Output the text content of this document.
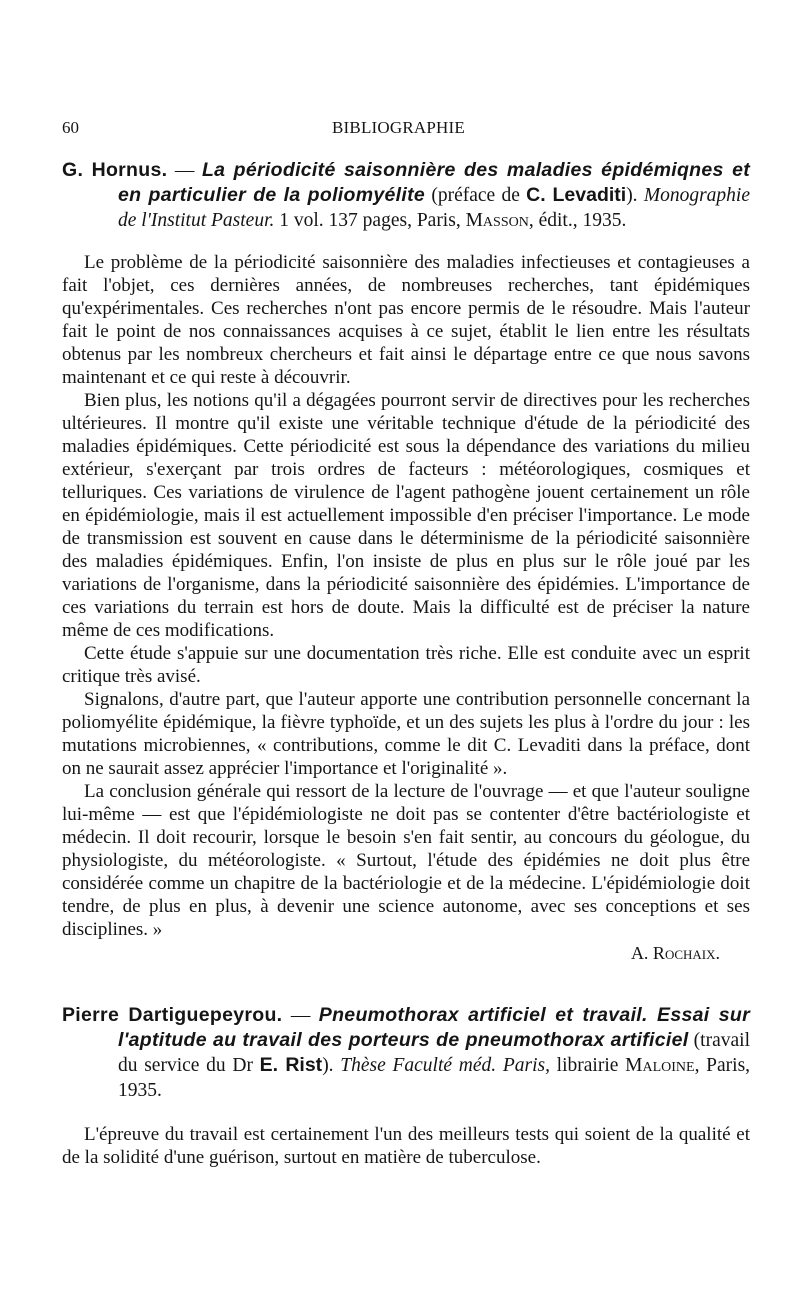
60	BIBLIOGRAPHIE
G. Hornus. — La périodicité saisonnière des maladies épidémiqnes et en particulier de la poliomyélite (préface de C. Levaditi). Monographie de l'Institut Pasteur. 1 vol. 137 pages, Paris, Masson, édit., 1935.

Le problème de la périodicité saisonnière des maladies infectieuses et contagieuses a fait l'objet, ces dernières années, de nombreuses recherches, tant épidémiques qu'expérimentales. Ces recherches n'ont pas encore permis de le résoudre. Mais l'auteur fait le point de nos connaissances acquises à ce sujet, établit le lien entre les résultats obtenus par les nombreux chercheurs et fait ainsi le départage entre ce que nous savons maintenant et ce qui reste à découvrir.

Bien plus, les notions qu'il a dégagées pourront servir de directives pour les recherches ultérieures. Il montre qu'il existe une véritable technique d'étude de la périodicité des maladies épidémiques. Cette périodicité est sous la dépendance des variations du milieu extérieur, s'exerçant par trois ordres de facteurs : météorologiques, cosmiques et telluriques. Ces variations de virulence de l'agent pathogène jouent certainement un rôle en épidémiologie, mais il est actuellement impossible d'en préciser l'importance. Le mode de transmission est souvent en cause dans le déterminisme de la périodicité saisonnière des maladies épidémiques. Enfin, l'on insiste de plus en plus sur le rôle joué par les variations de l'organisme, dans la périodicité saisonnière des épidémies. L'importance de ces variations du terrain est hors de doute. Mais la difficulté est de préciser la nature même de ces modifications.

Cette étude s'appuie sur une documentation très riche. Elle est conduite avec un esprit critique très avisé.

Signalons, d'autre part, que l'auteur apporte une contribution personnelle concernant la poliomyélite épidémique, la fièvre typhoïde, et un des sujets les plus à l'ordre du jour : les mutations microbiennes, « contributions, comme le dit C. Levaditi dans la préface, dont on ne saurait assez apprécier l'importance et l'originalité ».

La conclusion générale qui ressort de la lecture de l'ouvrage — et que l'auteur souligne lui-même — est que l'épidémiologiste ne doit pas se contenter d'être bactériologiste et médecin. Il doit recourir, lorsque le besoin s'en fait sentir, au concours du géologue, du physiologiste, du météorologiste. « Surtout, l'étude des épidémies ne doit plus être considérée comme un chapitre de la bactériologie et de la médecine. L'épidémiologie doit tendre, de plus en plus, à devenir une science autonome, avec ses conceptions et ses disciplines. »

A. Rochaix.
Pierre Dartiguepeyrou. — Pneumothorax artificiel et travail. Essai sur l'aptitude au travail des porteurs de pneumothorax artificiel (travail du service du Dr E. Rist). Thèse Faculté méd. Paris, librairie Maloine, Paris, 1935.

L'épreuve du travail est certainement l'un des meilleurs tests qui soient de la qualité et de la solidité d'une guérison, surtout en matière de tuberculose.
